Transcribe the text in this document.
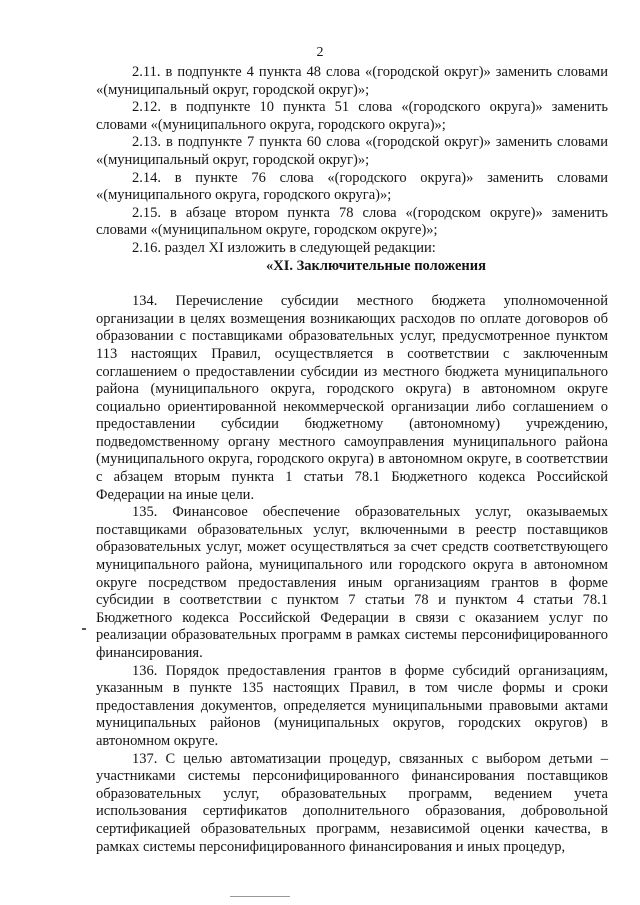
2

2.11. в подпункте 4 пункта 48 слова «(городской округ)» заменить словами «(муниципальный округ, городской округ)»;

2.12. в подпункте 10 пункта 51 слова «(городского округа)» заменить словами «(муниципального округа, городского округа)»;

2.13. в подпункте 7 пункта 60 слова «(городской округ)» заменить словами «(муниципальный округ, городской округ)»;

2.14. в пункте 76 слова «(городского округа)» заменить словами «(муниципального округа, городского округа)»;

2.15. в абзаце втором пункта 78 слова «(городском округе)» заменить словами «(муниципальном округе, городском округе)»;

2.16. раздел XI изложить в следующей редакции:

«XI. Заключительные положения

134. Перечисление субсидии местного бюджета уполномоченной организации в целях возмещения возникающих расходов по оплате договоров об образовании с поставщиками образовательных услуг, предусмотренное пунктом 113 настоящих Правил, осуществляется в соответствии с заключенным соглашением о предоставлении субсидии из местного бюджета муниципального района (муниципального округа, городского округа) в автономном округе социально ориентированной некоммерческой организации либо соглашением о предоставлении субсидии бюджетному (автономному) учреждению, подведомственному органу местного самоуправления муниципального района (муниципального округа, городского округа) в автономном округе, в соответствии с абзацем вторым пункта 1 статьи 78.1 Бюджетного кодекса Российской Федерации на иные цели.

135. Финансовое обеспечение образовательных услуг, оказываемых поставщиками образовательных услуг, включенными в реестр поставщиков образовательных услуг, может осуществляться за счет средств соответствующего муниципального района, муниципального или городского округа в автономном округе посредством предоставления иным организациям грантов в форме субсидии в соответствии с пунктом 7 статьи 78 и пунктом 4 статьи 78.1 Бюджетного кодекса Российской Федерации в связи с оказанием услуг по реализации образовательных программ в рамках системы персонифицированного финансирования.

136. Порядок предоставления грантов в форме субсидий организациям, указанным в пункте 135 настоящих Правил, в том числе формы и сроки предоставления документов, определяется муниципальными правовыми актами муниципальных районов (муниципальных округов, городских округов) в автономном округе.

137. С целью автоматизации процедур, связанных с выбором детьми – участниками системы персонифицированного финансирования поставщиков образовательных услуг, образовательных программ, ведением учета использования сертификатов дополнительного образования, добровольной сертификацией образовательных программ, независимой оценки качества, в рамках системы персонифицированного финансирования и иных процедур,
